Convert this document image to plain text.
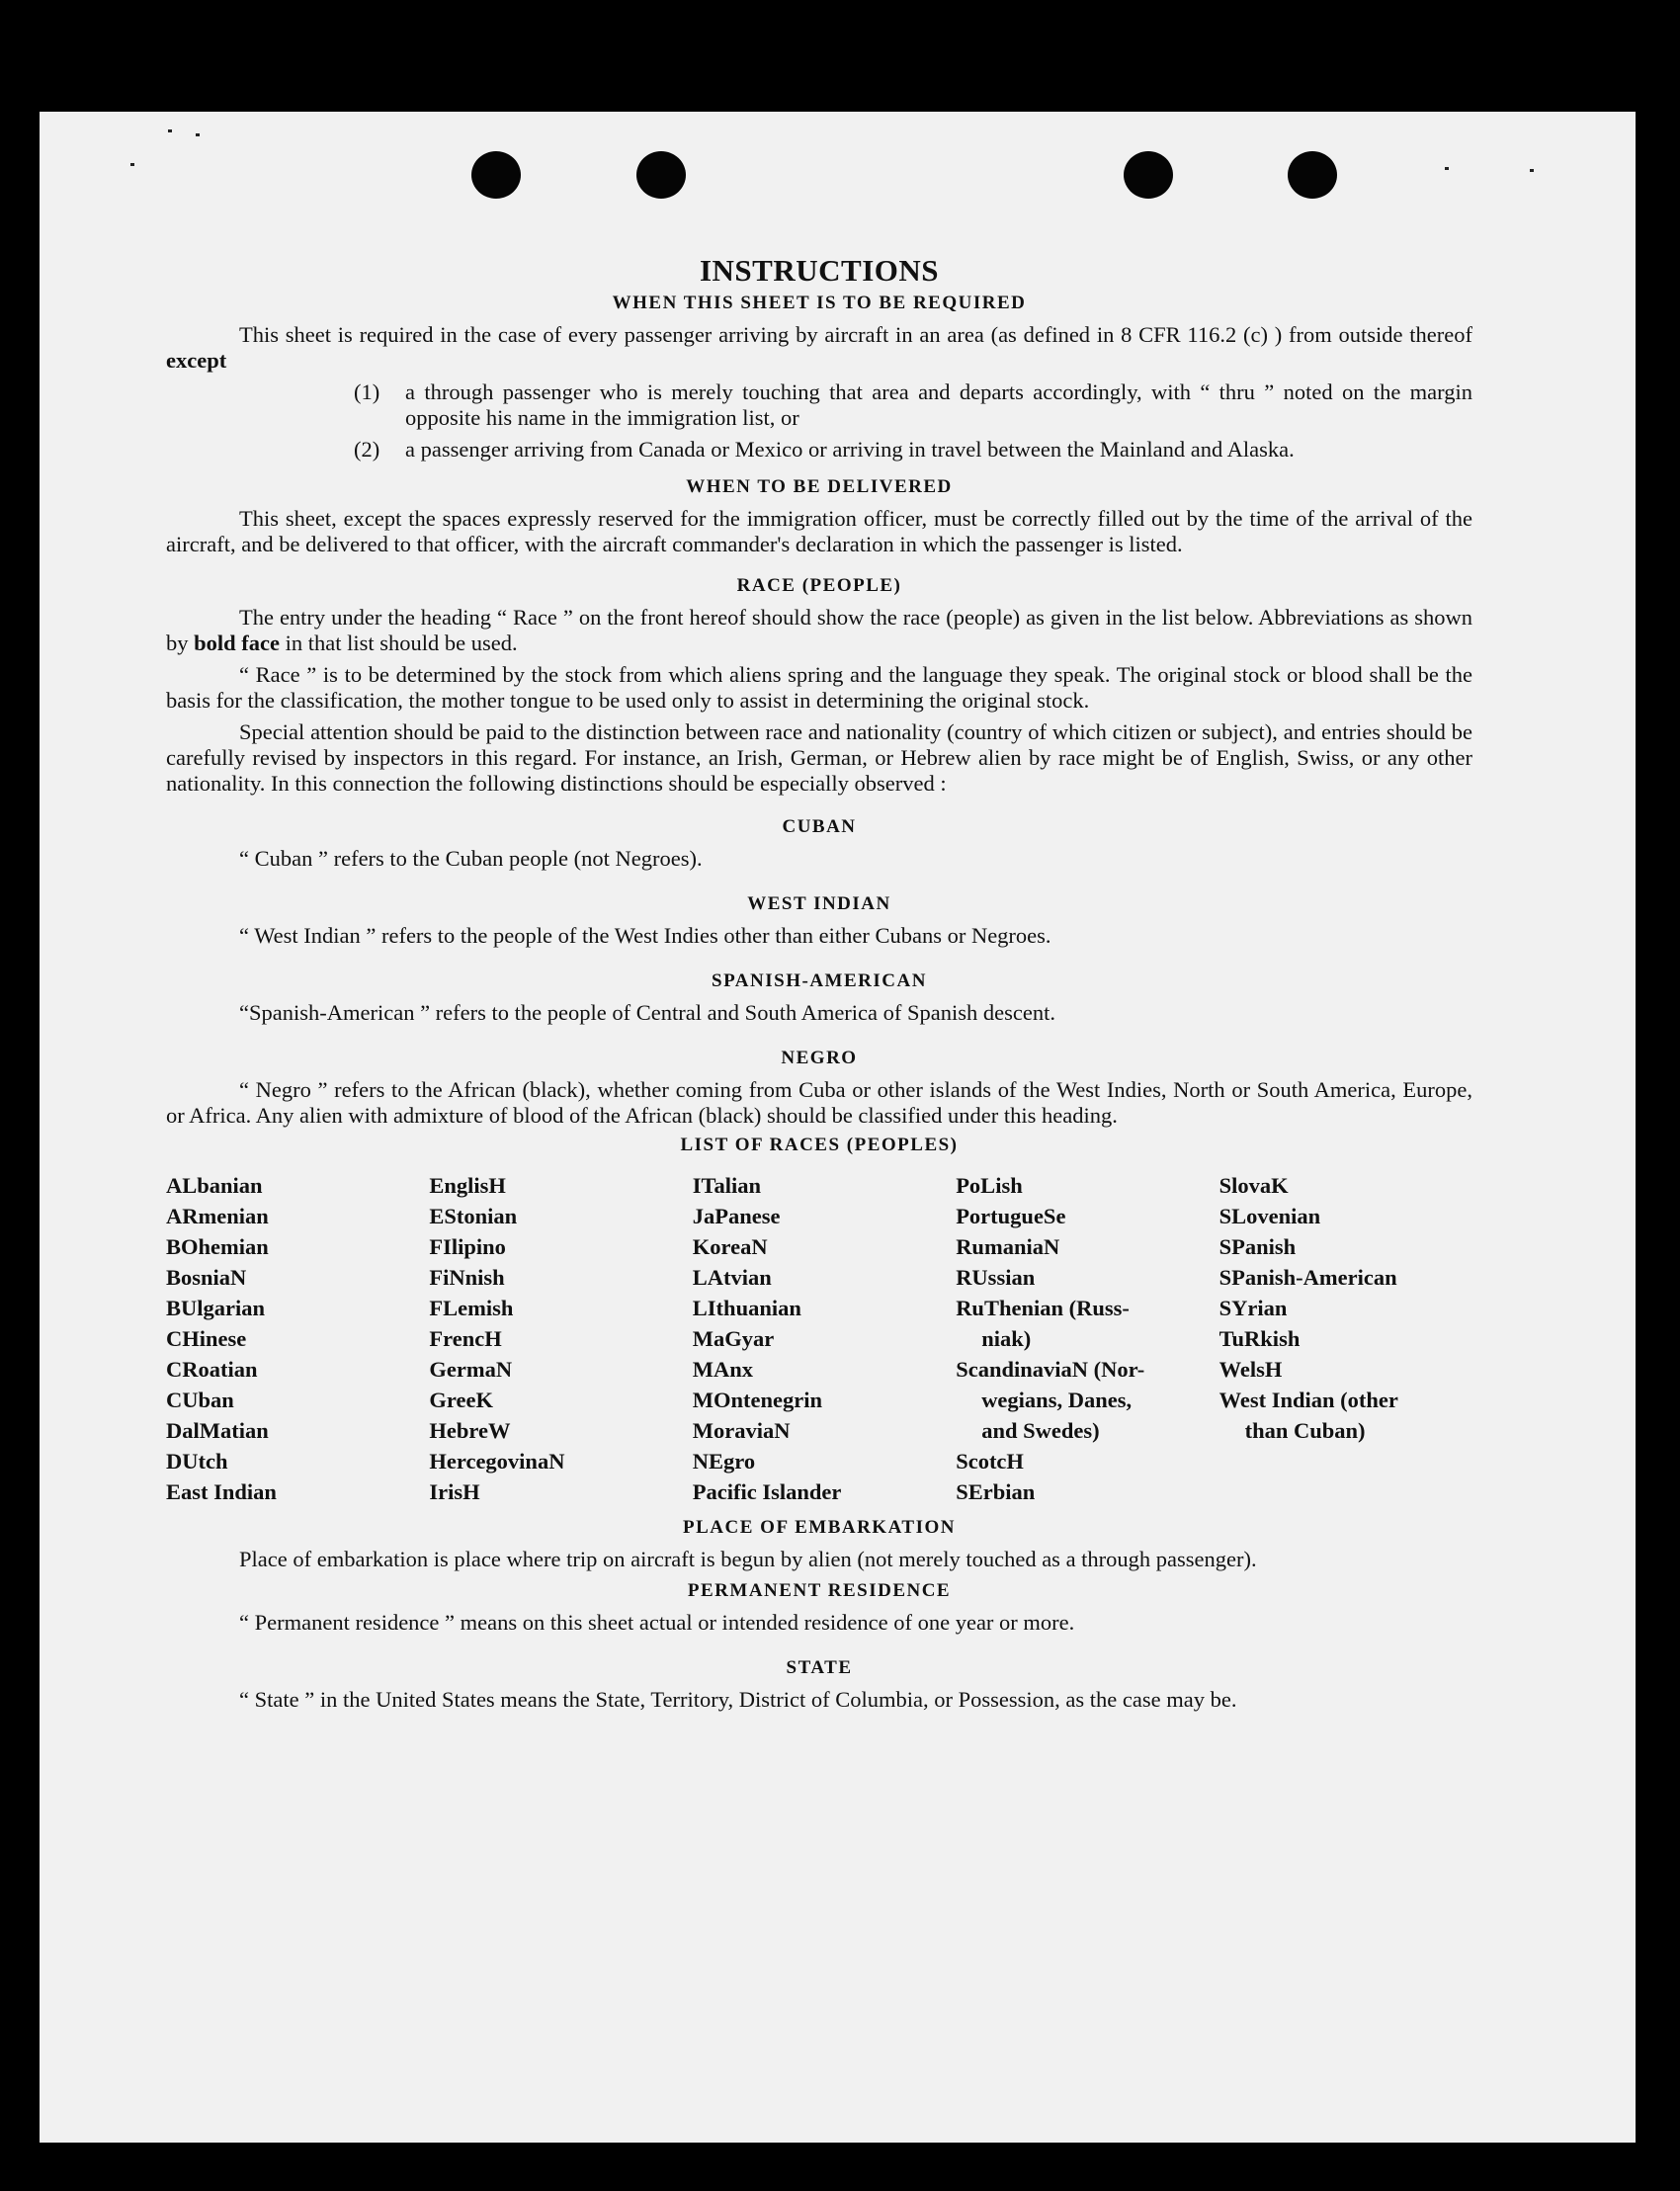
INSTRUCTIONS
WHEN THIS SHEET IS TO BE REQUIRED

This sheet is required in the case of every passenger arriving by aircraft in an area (as defined in 8 CFR 116.2 (c) ) from outside thereof except

(1)	a through passenger who is merely touching that area and departs accordingly, with “ thru ” noted on the margin opposite his name in the immigration list, or
(2)	a passenger arriving from Canada or Mexico or arriving in travel between the Mainland and Alaska.
WHEN TO BE DELIVERED

This sheet, except the spaces expressly reserved for the immigration officer, must be correctly filled out by the time of the arrival of the aircraft, and be delivered to that officer, with the aircraft commander's declaration in which the passenger is listed.

RACE (PEOPLE)

The entry under the heading “ Race ” on the front hereof should show the race (people) as given in the list below. Abbreviations as shown by bold face in that list should be used.

“ Race ” is to be determined by the stock from which aliens spring and the language they speak. The original stock or blood shall be the basis for the classification, the mother tongue to be used only to assist in determining the original stock.

Special attention should be paid to the distinction between race and nationality (country of which citizen or subject), and entries should be carefully revised by inspectors in this regard. For instance, an Irish, German, or Hebrew alien by race might be of English, Swiss, or any other nationality. In this connection the following distinctions should be especially observed :

CUBAN

“ Cuban ” refers to the Cuban people (not Negroes).

WEST INDIAN

“ West Indian ” refers to the people of the West Indies other than either Cubans or Negroes.

SPANISH-AMERICAN

“Spanish-American ” refers to the people of Central and South America of Spanish descent.

NEGRO

“ Negro ” refers to the African (black), whether coming from Cuba or other islands of the West Indies, North or South America, Europe, or Africa. Any alien with admixture of blood of the African (black) should be classified under this heading.

LIST OF RACES (PEOPLES)
ALbanian
ARmenian
BOhemian
BosniaN
BUlgarian
CHinese
CRoatian
CUban
DalMatian
DUtch
East Indian
EnglisH
EStonian
FIlipino
FiNnish
FLemish
FrencH
GermaN
GreeK
HebreW
HercegovinaN
IrisH
ITalian
JaPanese
KoreaN
LAtvian
LIthuanian
MaGyar
MAnx
MOntenegrin
MoraviaN
NEgro
Pacific Islander
PoLish
PortugueSe
RumaniaN
RUssian
RuThenian (Russ-
niak)
ScandinaviaN (Nor-
wegians, Danes,
and Swedes)
ScotcH
SErbian
SlovaK
SLovenian
SPanish
SPanish-American
SYrian
TuRkish
WelsH
West Indian (other
than Cuban)
PLACE OF EMBARKATION

Place of embarkation is place where trip on aircraft is begun by alien (not merely touched as a through passenger).

PERMANENT RESIDENCE

“ Permanent residence ” means on this sheet actual or intended residence of one year or more.

STATE

“ State ” in the United States means the State, Territory, District of Columbia, or Possession, as the case may be.
